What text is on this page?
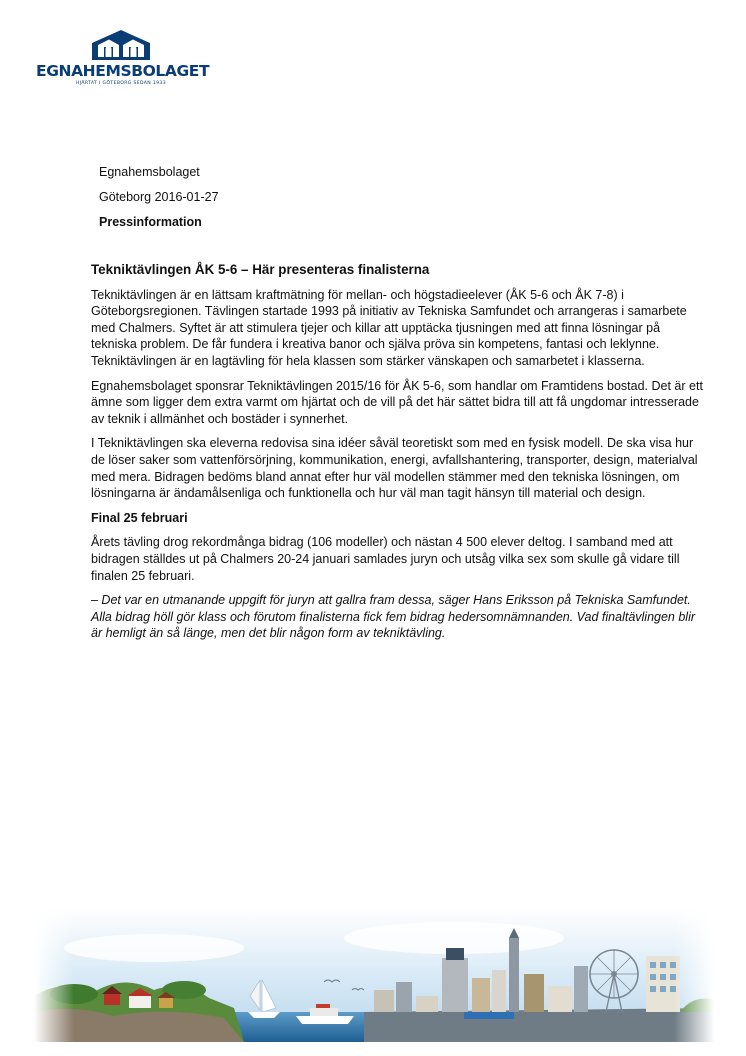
EGNAHEMSBOLAGET
HJÄRTAT I GÖTEBORG SEDAN 1933
Egnahemsbolaget
Göteborg 2016-01-27
Pressinformation
Tekniktävlingen ÅK 5-6 – Här presenteras finalisterna

Tekniktävlingen är en lättsam kraftmätning för mellan- och högstadieelever (ÅK 5-6 och ÅK 7-8) i Göteborgsregionen. Tävlingen startade 1993 på initiativ av Tekniska Samfundet och arrangeras i samarbete med Chalmers. Syftet är att stimulera tjejer och killar att upptäcka tjusningen med att finna lösningar på tekniska problem. De får fundera i kreativa banor och själva pröva sin kompetens, fantasi och leklynne. Tekniktävlingen är en lagtävling för hela klassen som stärker vänskapen och samarbetet i klasserna.

Egnahemsbolaget sponsrar Tekniktävlingen 2015/16 för ÅK 5-6, som handlar om Framtidens bostad. Det är ett ämne som ligger dem extra varmt om hjärtat och de vill på det här sättet bidra till att få ungdomar intresserade av teknik i allmänhet och bostäder i synnerhet.

I Tekniktävlingen ska eleverna redovisa sina idéer såväl teoretiskt som med en fysisk modell. De ska visa hur de löser saker som vattenförsörjning, kommunikation, energi, avfallshantering, transporter, design, materialval med mera. Bidragen bedöms bland annat efter hur väl modellen stämmer med den tekniska lösningen, om lösningarna är ändamålsenliga och funktionella och hur väl man tagit hänsyn till material och design.

Final 25 februari

Årets tävling drog rekordmånga bidrag (106 modeller) och nästan 4 500 elever deltog. I samband med att bidragen ställdes ut på Chalmers 20-24 januari samlades juryn och utsåg vilka sex som skulle gå vidare till finalen 25 februari.

– Det var en utmanande uppgift för juryn att gallra fram dessa, säger Hans Eriksson på Tekniska Samfundet. Alla bidrag höll gör klass och förutom finalisterna fick fem bidrag hedersomnämnanden. Vad finaltävlingen blir är hemligt än så länge, men det blir någon form av tekniktävling.
